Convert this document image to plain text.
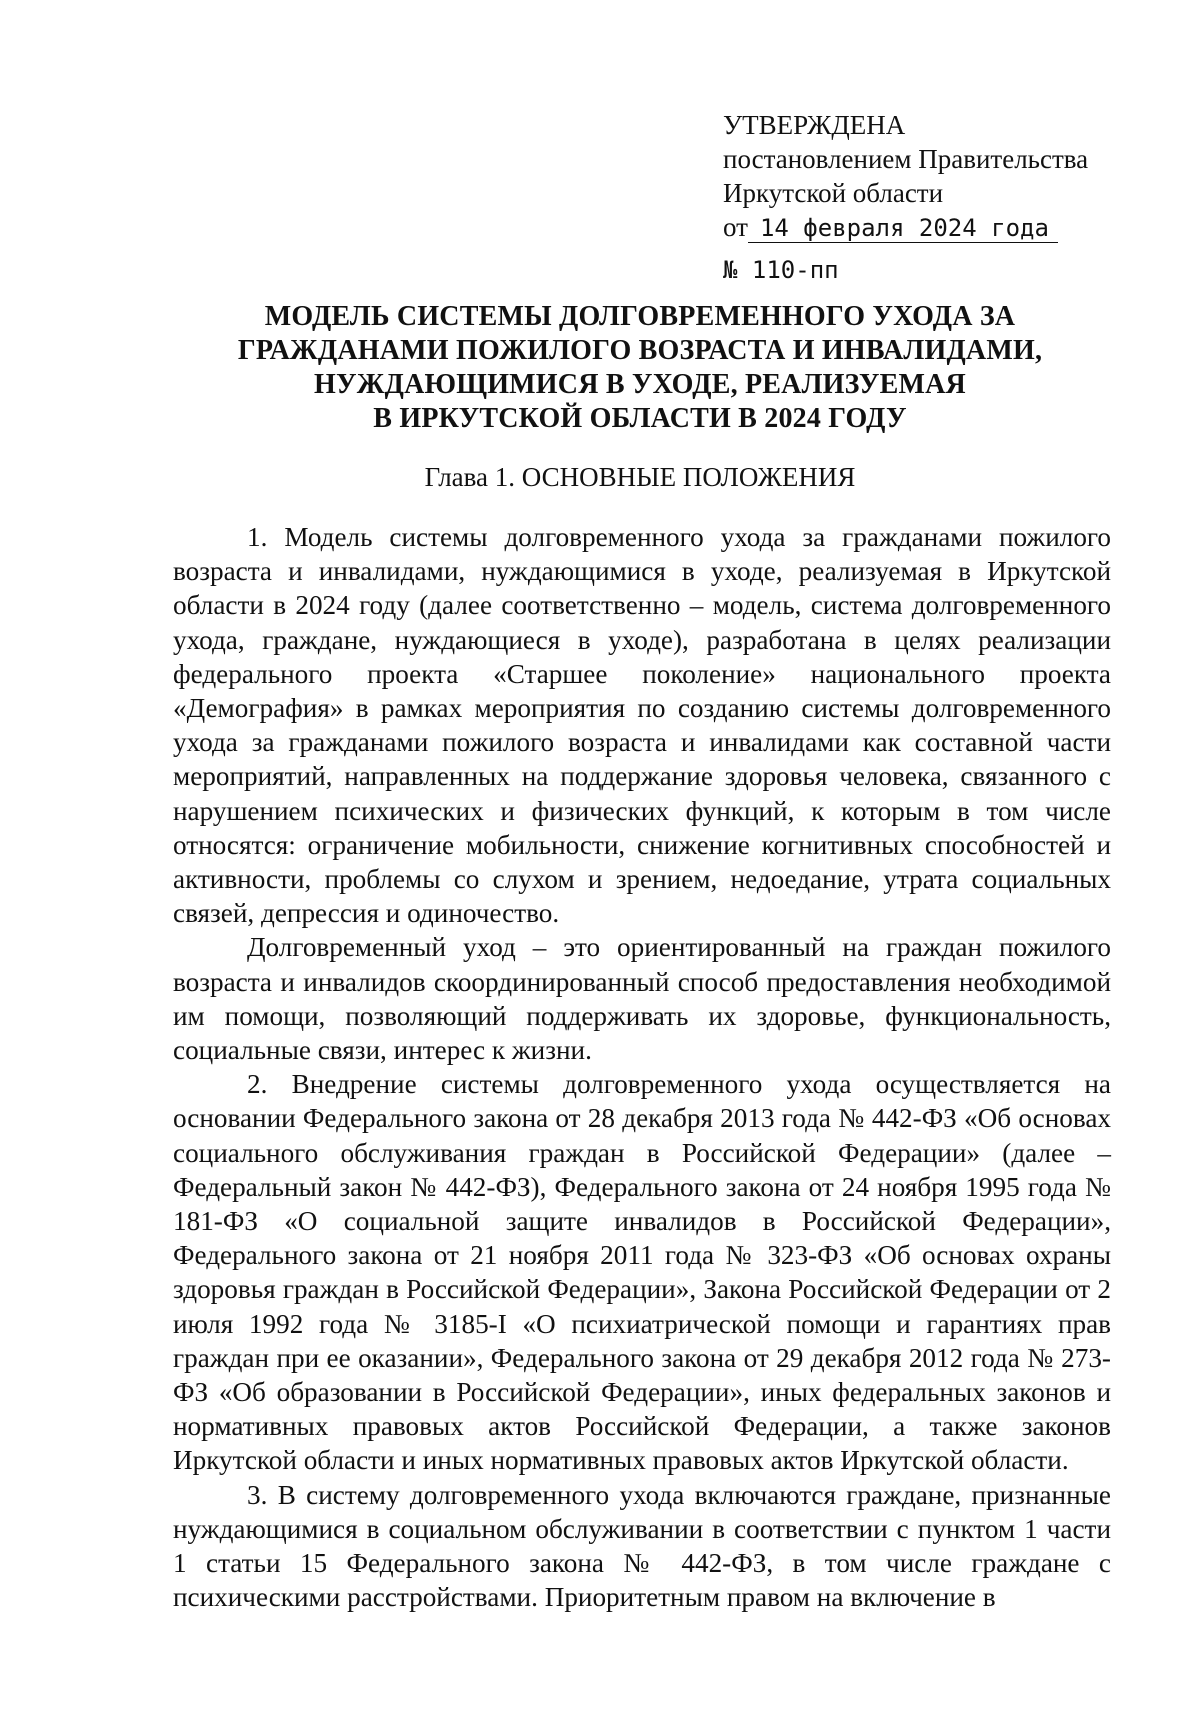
УТВЕРЖДЕНА
постановлением Правительства
Иркутской области
от 14 февраля 2024 года
№ 110-пп
МОДЕЛЬ СИСТЕМЫ ДОЛГОВРЕМЕННОГО УХОДА ЗА
ГРАЖДАНАМИ ПОЖИЛОГО ВОЗРАСТА И ИНВАЛИДАМИ,
НУЖДАЮЩИМИСЯ В УХОДЕ, РЕАЛИЗУЕМАЯ
В ИРКУТСКОЙ ОБЛАСТИ В 2024 ГОДУ
Глава 1. ОСНОВНЫЕ ПОЛОЖЕНИЯ

1. Модель системы долговременного ухода за гражданами пожилого возраста и инвалидами, нуждающимися в уходе, реализуемая в Иркутской области в 2024 году (далее соответственно – модель, система долговременного ухода, граждане, нуждающиеся в уходе), разработана в целях реализации федерального проекта «Старшее поколение» национального проекта «Демография» в рамках мероприятия по созданию системы долговременного ухода за гражданами пожилого возраста и инвалидами как составной части мероприятий, направленных на поддержание здоровья человека, связанного с нарушением психических и физических функций, к которым в том числе относятся: ограничение мобильности, снижение когнитивных способностей и активности, проблемы со слухом и зрением, недоедание, утрата социальных связей, депрессия и одиночество.

Долговременный уход – это ориентированный на граждан пожилого возраста и инвалидов скоординированный способ предоставления необходимой им помощи, позволяющий поддерживать их здоровье, функциональность, социальные связи, интерес к жизни.

2. Внедрение системы долговременного ухода осуществляется на основании Федерального закона от 28 декабря 2013 года № 442-ФЗ «Об основах социального обслуживания граждан в Российской Федерации» (далее – Федеральный закон № 442-ФЗ), Федерального закона от 24 ноября 1995 года № 181-ФЗ «О социальной защите инвалидов в Российской Федерации», Федерального закона от 21 ноября 2011 года № 323-ФЗ «Об основах охраны здоровья граждан в Российской Федерации», Закона Российской Федерации от 2 июля 1992 года № 3185-I «О психиатрической помощи и гарантиях прав граждан при ее оказании», Федерального закона от 29 декабря 2012 года № 273-ФЗ «Об образовании в Российской Федерации», иных федеральных законов и нормативных правовых актов Российской Федерации, а также законов Иркутской области и иных нормативных правовых актов Иркутской области.

3. В систему долговременного ухода включаются граждане, признанные нуждающимися в социальном обслуживании в соответствии с пунктом 1 части 1 статьи 15 Федерального закона № 442-ФЗ, в том числе граждане с психическими расстройствами. Приоритетным правом на включение в
